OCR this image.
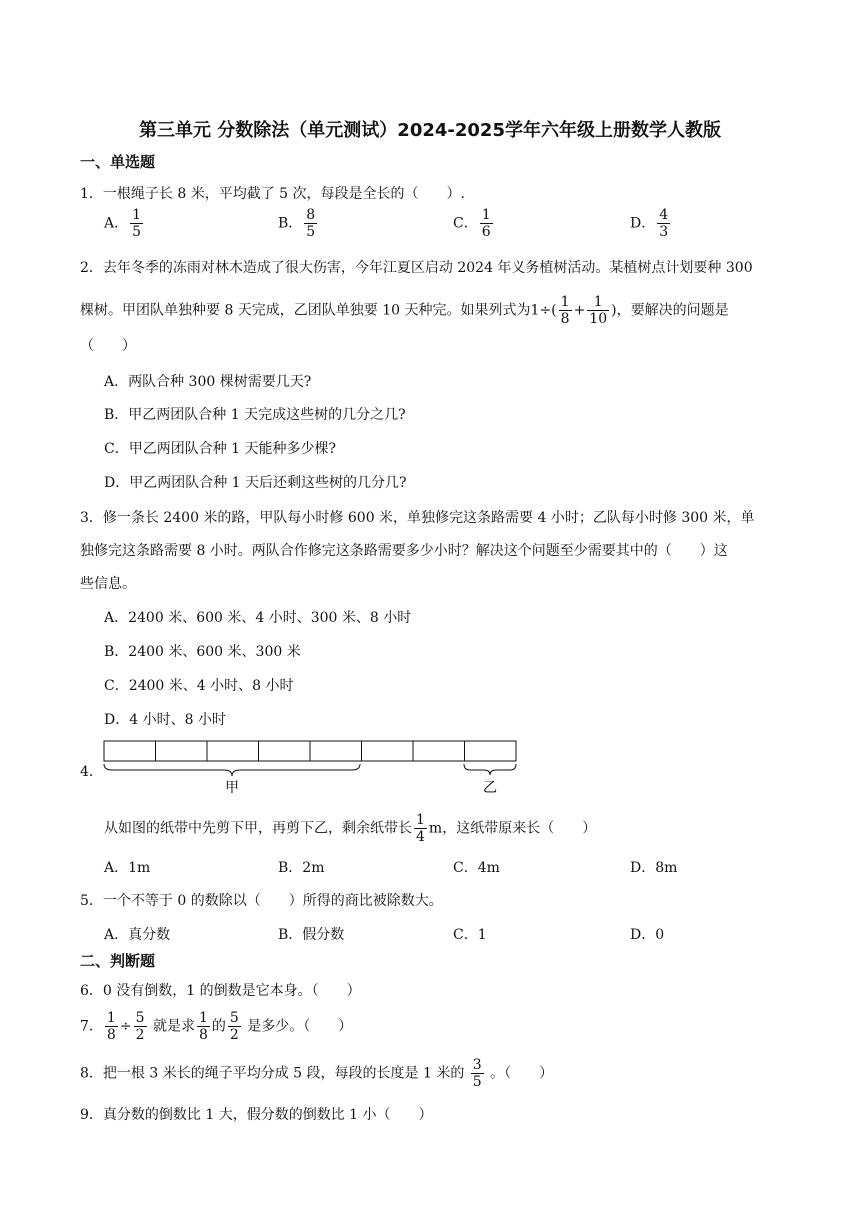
第三单元 分数除法（单元测试）2024-2025学年六年级上册数学人教版
一、单选题
1．一根绳子长 8 米，平均截了 5 次，每段是全长的（　　）.
A． $\frac{1}{5}$	B． $\frac{8}{5}$	C． $\frac{1}{6}$	D． $\frac{4}{3}$
2．去年冬季的冻雨对林木造成了很大伤害，今年江夏区启动 2024 年义务植树活动。某植树点计划要种 300
棵树。甲团队单独种要 8 天完成，乙团队单独要 10 天种完。如果列式为$1\div( \frac{1}{8} + \frac{1}{10}$ )，要解决的问题是
（　　）
A．两队合种 300 棵树需要几天?
B．甲乙两团队合种 1 天完成这些树的几分之几?
C．甲乙两团队合种 1 天能种多少棵?
D．甲乙两团队合种 1 天后还剩这些树的几分几?
3．修一条长 2400 米的路，甲队每小时修 600 米，单独修完这条路需要 4 小时；乙队每小时修 300 米，单
独修完这条路需要 8 小时。两队合作修完这条路需要多少小时？解决这个问题至少需要其中的（　　）这
些信息。
A．2400 米、600 米、4 小时、300 米、8 小时
B．2400 米、600 米、300 米
C．2400 米、4 小时、8 小时
D．4 小时、8 小时
4．
甲	乙
从如图的纸带中先剪下甲，再剪下乙，剩余纸带长 $\frac{1}{4}$ m，这纸带原来长（　　）
A．1m	B．2m	C．4m	D．8m
5．一个不等于 0 的数除以（　　）所得的商比被除数大。
A．真分数	B．假分数	C．1	D．0
二、判断题
6．0 没有倒数，1 的倒数是它本身。（　　）
7． $\frac{1}{8} \div \frac{5}{2}$ 就是求 $\frac{1}{8}$ 的 $\frac{5}{2}$ 是多少。（　　）
8．把一根 3 米长的绳子平均分成 5 段，每段的长度是 1 米的 $\frac{3}{5}$ 。（　　）
9．真分数的倒数比 1 大，假分数的倒数比 1 小（　　）
